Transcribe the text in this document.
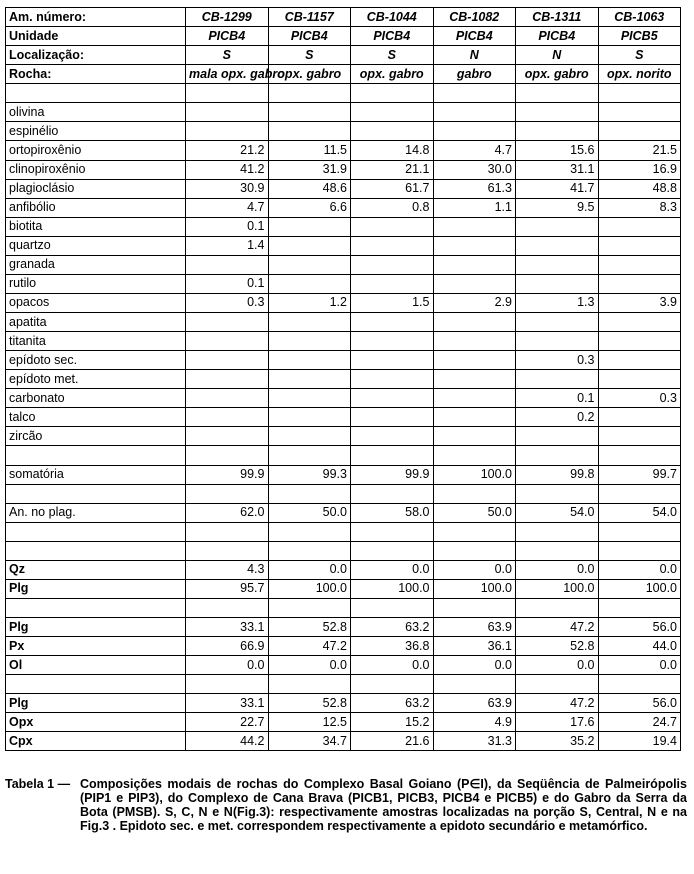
Am. número:	CB-1299	CB-1157	CB-1044	CB-1082	CB-1311	CB-1063
Unidade	PICB4	PICB4	PICB4	PICB4	PICB4	PICB5
Localização:	S	S	S	N	N	S
Rocha:	mala opx. gabro	opx. gabro	opx. gabro	gabro	opx. gabro	opx. norito

olivina						
espinélio						
ortopiroxênio	21.2	11.5	14.8	4.7	15.6	21.5
clinopiroxênio	41.2	31.9	21.1	30.0	31.1	16.9
plagioclásio	30.9	48.6	61.7	61.3	41.7	48.8
anfibólio	4.7	6.6	0.8	1.1	9.5	8.3
biotita	0.1					
quartzo	1.4					
granada						
rutilo	0.1					
opacos	0.3	1.2	1.5	2.9	1.3	3.9
apatita						
titanita						
epídoto sec.					0.3	
epídoto met.						
carbonato					0.1	0.3
talco					0.2	
zircão						

somatória	99.9	99.3	99.9	100.0	99.8	99.7

An. no plag.	62.0	50.0	58.0	50.0	54.0	54.0

Qz	4.3	0.0	0.0	0.0	0.0	0.0
Plg	95.7	100.0	100.0	100.0	100.0	100.0

Plg	33.1	52.8	63.2	63.9	47.2	56.0
Px	66.9	47.2	36.8	36.1	52.8	44.0
Ol	0.0	0.0	0.0	0.0	0.0	0.0

Plg	33.1	52.8	63.2	63.9	47.2	56.0
Opx	22.7	12.5	15.2	4.9	17.6	24.7
Cpx	44.2	34.7	21.6	31.3	35.2	19.4
Tabela 1 — Composições modais de rochas do Complexo Basal Goiano (P∈I), da Seqüência de Palmeirópolis (PIP1 e PIP3), do Complexo de Cana Brava (PICB1, PICB3, PICB4 e PICB5) e do Gabro da Serra da Bota (PMSB). S, C, N e N(Fig.3): respectivamente amostras localizadas na porção S, Central, N e na Fig.3 . Epidoto sec. e met. correspondem respectivamente a epidoto secundário e metamórfico.
